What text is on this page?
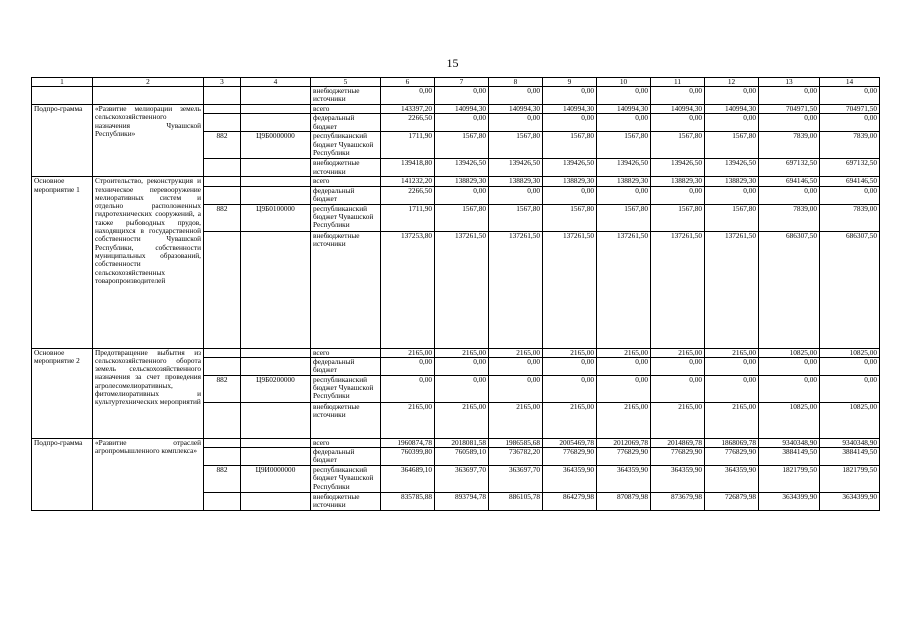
15
1	2	3	4	5	6	7	8	9	10	11	12	13	14
				внебюджетные источники	0,00	0,00	0,00	0,00	0,00	0,00	0,00	0,00	0,00
Подпро-грамма	«Развитие мелиорации земель сельскохозяйственного назначения Чувашской Республики»			всего	143397,20	140994,30	140994,30	140994,30	140994,30	140994,30	140994,30	704971,50	704971,50
				федеральный бюджет	2266,50	0,00	0,00	0,00	0,00	0,00	0,00	0,00	0,00
		882	Ц9Б0000000	республиканский бюджет Чувашской Республики	1711,90	1567,80	1567,80	1567,80	1567,80	1567,80	1567,80	7839,00	7839,00
				внебюджетные источники	139418,80	139426,50	139426,50	139426,50	139426,50	139426,50	139426,50	697132,50	697132,50
Основное мероприятие 1	Строительство, реконструкция и техническое перевооружение мелиоративных систем и отдельно расположенных гидротехнических сооружений, а также рыбоводных прудов, находящихся в государственной собственности Чувашской Республики, собственности муниципальных образований, собственности сельскохозяйственных товаропроизводителей			всего	141232,20	138829,30	138829,30	138829,30	138829,30	138829,30	138829,30	694146,50	694146,50
				федеральный бюджет	2266,50	0,00	0,00	0,00	0,00	0,00	0,00	0,00	0,00
		882	Ц9Б0100000	республиканский бюджет Чувашской Республики	1711,90	1567,80	1567,80	1567,80	1567,80	1567,80	1567,80	7839,00	7839,00
				внебюджетные источники	137253,80	137261,50	137261,50	137261,50	137261,50	137261,50	137261,50	686307,50	686307,50
Основное мероприятие 2	Предотвращение выбытия из сельскохозяйственного оборота земель сельскохозяйственного назначения за счет проведения агролесомелиоративных, фитомелиоративных и культуртехнических мероприятий			всего	2165,00	2165,00	2165,00	2165,00	2165,00	2165,00	2165,00	10825,00	10825,00
				федеральный бюджет	0,00	0,00	0,00	0,00	0,00	0,00	0,00	0,00	0,00
		882	Ц9Б0200000	республиканский бюджет Чувашской Республики	0,00	0,00	0,00	0,00	0,00	0,00	0,00	0,00	0,00
				внебюджетные источники	2165,00	2165,00	2165,00	2165,00	2165,00	2165,00	2165,00	10825,00	10825,00
Подпро-грамма	«Развитие отраслей агропромышленного комплекса»			всего	1960874,78	2018081,58	1986585,68	2005469,78	2012069,78	2014869,78	1868069,78	9340348,90	9340348,90
				федеральный бюджет	760399,80	760589,10	736782,20	776829,90	776829,90	776829,90	776829,90	3884149,50	3884149,50
		882	Ц9И0000000	республиканский бюджет Чувашской Республики	364689,10	363697,70	363697,70	364359,90	364359,90	364359,90	364359,90	1821799,50	1821799,50
				внебюджетные источники	835785,88	893794,78	886105,78	864279,98	870879,98	873679,98	726879,98	3634399,90	3634399,90
